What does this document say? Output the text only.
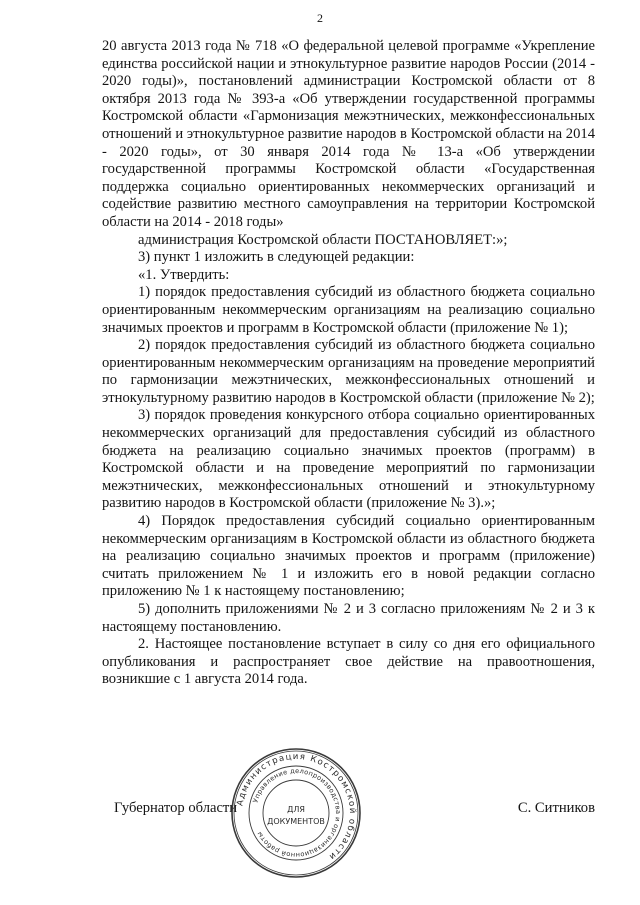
2

20 августа 2013 года № 718 «О федеральной целевой программе «Укрепление единства российской нации и этнокультурное развитие народов России (2014 - 2020 годы)», постановлений администрации Костромской области от 8 октября 2013 года № 393-а «Об утверждении государственной программы Костромской области «Гармонизация межэтнических, межконфессиональных отношений и этнокультурное развитие народов в Костромской области на 2014 - 2020 годы», от 30 января 2014 года № 13-а «Об утверждении государственной программы Костромской области «Государственная поддержка социально ориентированных некоммерческих организаций и содействие развитию местного самоуправления на территории Костромской области на 2014 - 2018 годы»

администрация Костромской области ПОСТАНОВЛЯЕТ:»;

3) пункт 1 изложить в следующей редакции:

«1. Утвердить:

1) порядок предоставления субсидий из областного бюджета социально ориентированным некоммерческим организациям на реализацию социально значимых проектов и программ в Костромской области (приложение № 1);

2) порядок предоставления субсидий из областного бюджета социально ориентированным некоммерческим организациям на проведение мероприятий по гармонизации межэтнических, межконфессиональных отношений и этнокультурному развитию народов в Костромской области (приложение № 2);

3) порядок проведения конкурсного отбора социально ориентированных некоммерческих организаций для предоставления субсидий из областного бюджета на реализацию социально значимых проектов (программ) в Костромской области и на проведение мероприятий по гармонизации межэтнических, межконфессиональных отношений и этнокультурному развитию народов в Костромской области (приложение № 3).»;

4) Порядок предоставления субсидий социально ориентированным некоммерческим организациям в Костромской области из областного бюджета на реализацию социально значимых проектов и программ (приложение) считать приложением № 1 и изложить его в новой редакции согласно приложению № 1 к настоящему постановлению;

5) дополнить приложениями № 2 и 3 согласно приложениям № 2 и 3 к настоящему постановлению.

2. Настоящее постановление вступает в силу со дня его официального опубликования и распространяет свое действие на правоотношения, возникшие с 1 августа 2014 года.

Губернатор области	С. Ситников
Администрация Костромской области
Управление делопроизводства и организационной работы
ДЛЯ
ДОКУМЕНТОВ
